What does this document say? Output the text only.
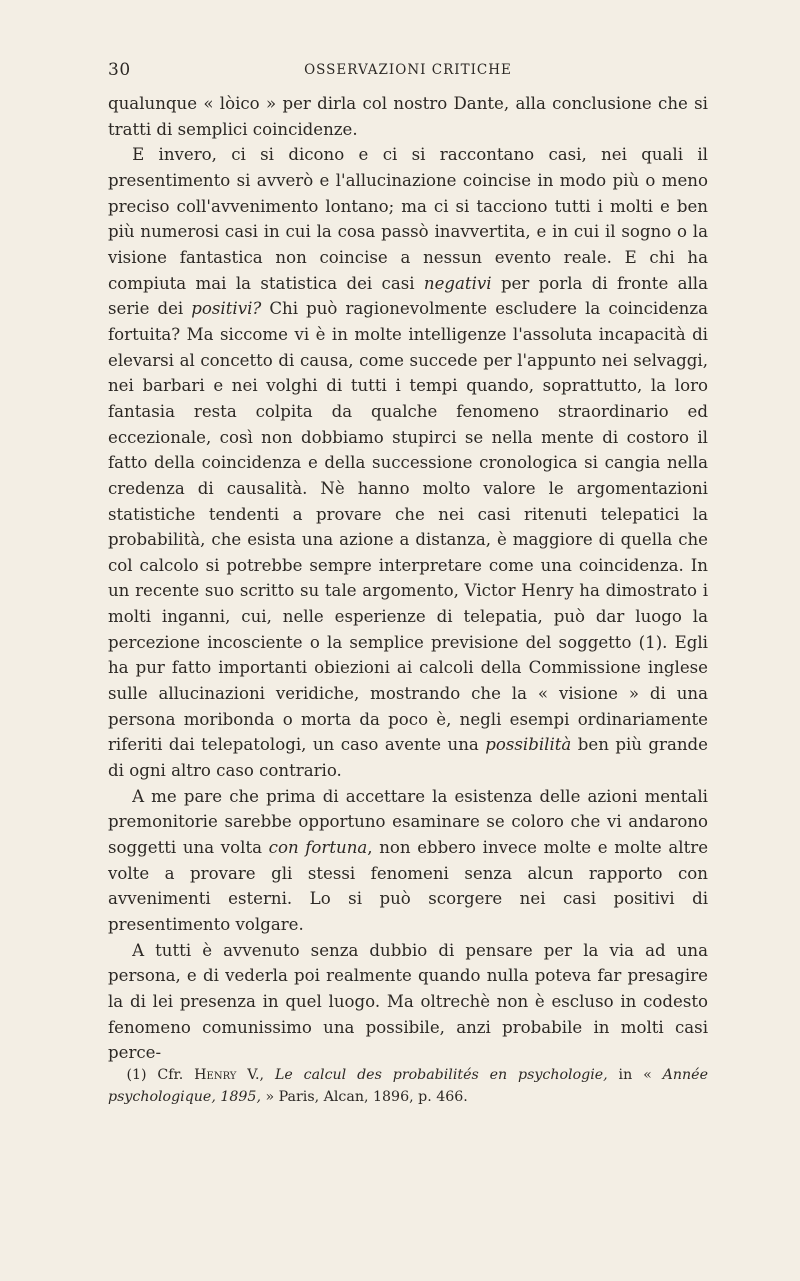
30	OSSERVAZIONI CRITICHE

qualunque « lòico » per dirla col nostro Dante, alla conclusione che si tratti di semplici coincidenze.

E invero, ci si dicono e ci si raccontano casi, nei quali il presentimento si avverò e l'allucinazione coincise in modo più o meno preciso coll'avvenimento lontano; ma ci si tacciono tutti i molti e ben più numerosi casi in cui la cosa passò inavvertita, e in cui il sogno o la visione fantastica non coincise a nessun evento reale. E chi ha compiuta mai la statistica dei casi negativi per porla di fronte alla serie dei positivi? Chi può ragionevolmente escludere la coincidenza fortuita? Ma siccome vi è in molte intelligenze l'assoluta incapacità di elevarsi al concetto di causa, come succede per l'appunto nei selvaggi, nei barbari e nei volghi di tutti i tempi quando, soprattutto, la loro fantasia resta colpita da qualche fenomeno straordinario ed eccezionale, così non dobbiamo stupirci se nella mente di costoro il fatto della coincidenza e della successione cronologica si cangia nella credenza di causalità. Nè hanno molto valore le argomentazioni statistiche tendenti a provare che nei casi ritenuti telepatici la probabilità, che esista una azione a distanza, è maggiore di quella che col calcolo si potrebbe sempre interpretare come una coincidenza. In un recente suo scritto su tale argomento, Victor Henry ha dimostrato i molti inganni, cui, nelle esperienze di telepatia, può dar luogo la percezione incosciente o la semplice previsione del soggetto (1). Egli ha pur fatto importanti obiezioni ai calcoli della Commissione inglese sulle allucinazioni veridiche, mostrando che la « visione » di una persona moribonda o morta da poco è, negli esempi ordinariamente riferiti dai telepatologi, un caso avente una possibilità ben più grande di ogni altro caso contrario.

A me pare che prima di accettare la esistenza delle azioni mentali premonitorie sarebbe opportuno esaminare se coloro che vi andarono soggetti una volta con fortuna, non ebbero invece molte e molte altre volte a provare gli stessi fenomeni senza alcun rapporto con avvenimenti esterni. Lo si può scorgere nei casi positivi di presentimento volgare.

A tutti è avvenuto senza dubbio di pensare per la via ad una persona, e di vederla poi realmente quando nulla poteva far presagire la di lei presenza in quel luogo. Ma oltrechè non è escluso in codesto fenomeno comunissimo una possibile, anzi probabile in molti casi perce-

(1) Cfr. Henry V., Le calcul des probabilités en psychologie, in « Année psychologique, 1895, » Paris, Alcan, 1896, p. 466.
